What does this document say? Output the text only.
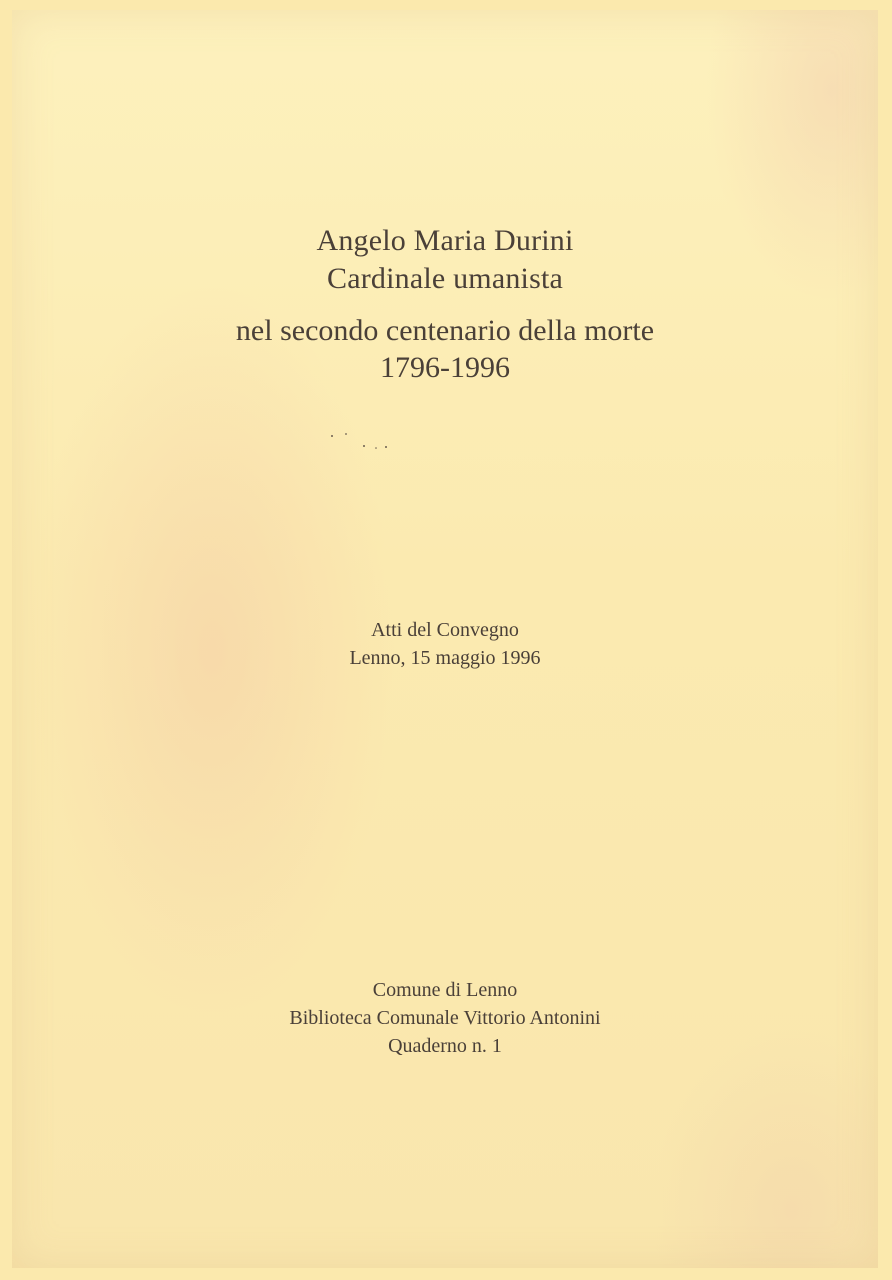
Angelo Maria Durini
Cardinale umanista
nel secondo centenario della morte
1796-1996
Atti del Convegno
Lenno, 15 maggio 1996
Comune di Lenno
Biblioteca Comunale Vittorio Antonini
Quaderno n. 1
